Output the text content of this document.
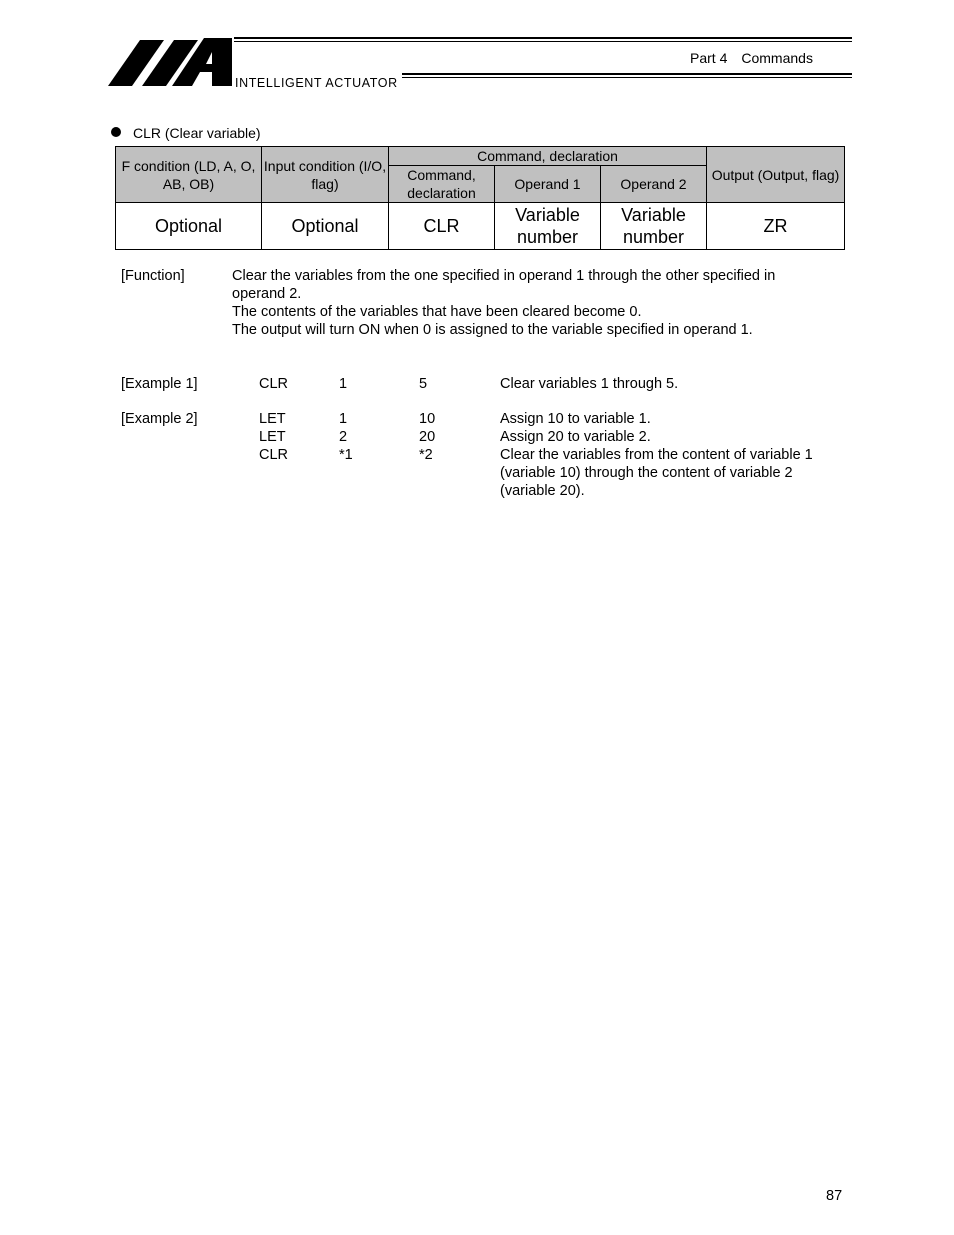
INTELLIGENT ACTUATOR
Part 4 Commands
CLR (Clear variable)
F condition (LD, A, O, AB, OB)	Input condition (I/O, flag)	Command, declaration			Output (Output, flag)
		Command, declaration	Operand 1	Operand 2	
Optional	Optional	CLR	Variable number	Variable number	ZR
[Function]	Clear the variables from the one specified in operand 1 through the other specified in
operand 2.
The contents of the variables that have been cleared become 0.
The output will turn ON when 0 is assigned to the variable specified in operand 1.
[Example 1]	CLR	1	5	Clear variables 1 through 5.
[Example 2]	LET	1	10	Assign 10 to variable 1.
LET	2	20	Assign 20 to variable 2.
CLR	*1	*2	Clear the variables from the content of variable 1
(variable 10) through the content of variable 2
(variable 20).
87
